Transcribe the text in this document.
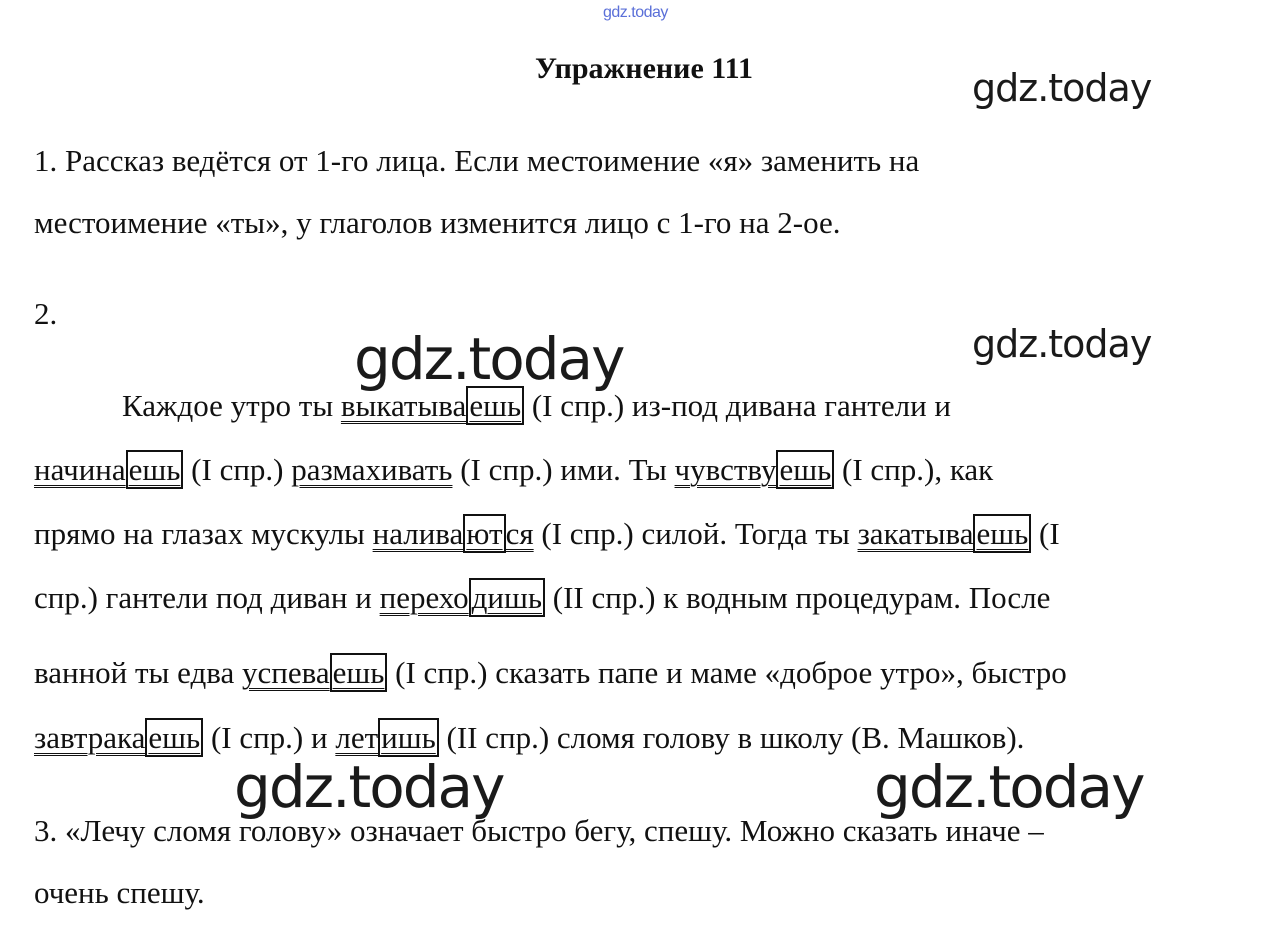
gdz.today
gdz.today
gdz.today
gdz.today
gdz.today	gdz.today
Упражнение 111
1. Рассказ ведётся от 1-го лица. Если местоимение «я» заменить на
местоимение «ты», у глаголов изменится лицо с 1-го на 2-ое.
2.
Каждое утро ты выкатываешь (I спр.) из-под дивана гантели и
начинаешь (I спр.) размахивать (I спр.) ими. Ты чувствуешь (I спр.), как
прямо на глазах мускулы наливаются (I спр.) силой. Тогда ты закатываешь (I
спр.) гантели под диван и переходишь (II спр.) к водным процедурам. После
ванной ты едва успеваешь (I спр.) сказать папе и маме «доброе утро», быстро
завтракаешь (I спр.) и летишь (II спр.) сломя голову в школу (В. Машков).
3. «Лечу сломя голову» означает быстро бегу, спешу. Можно сказать иначе –
очень спешу.
